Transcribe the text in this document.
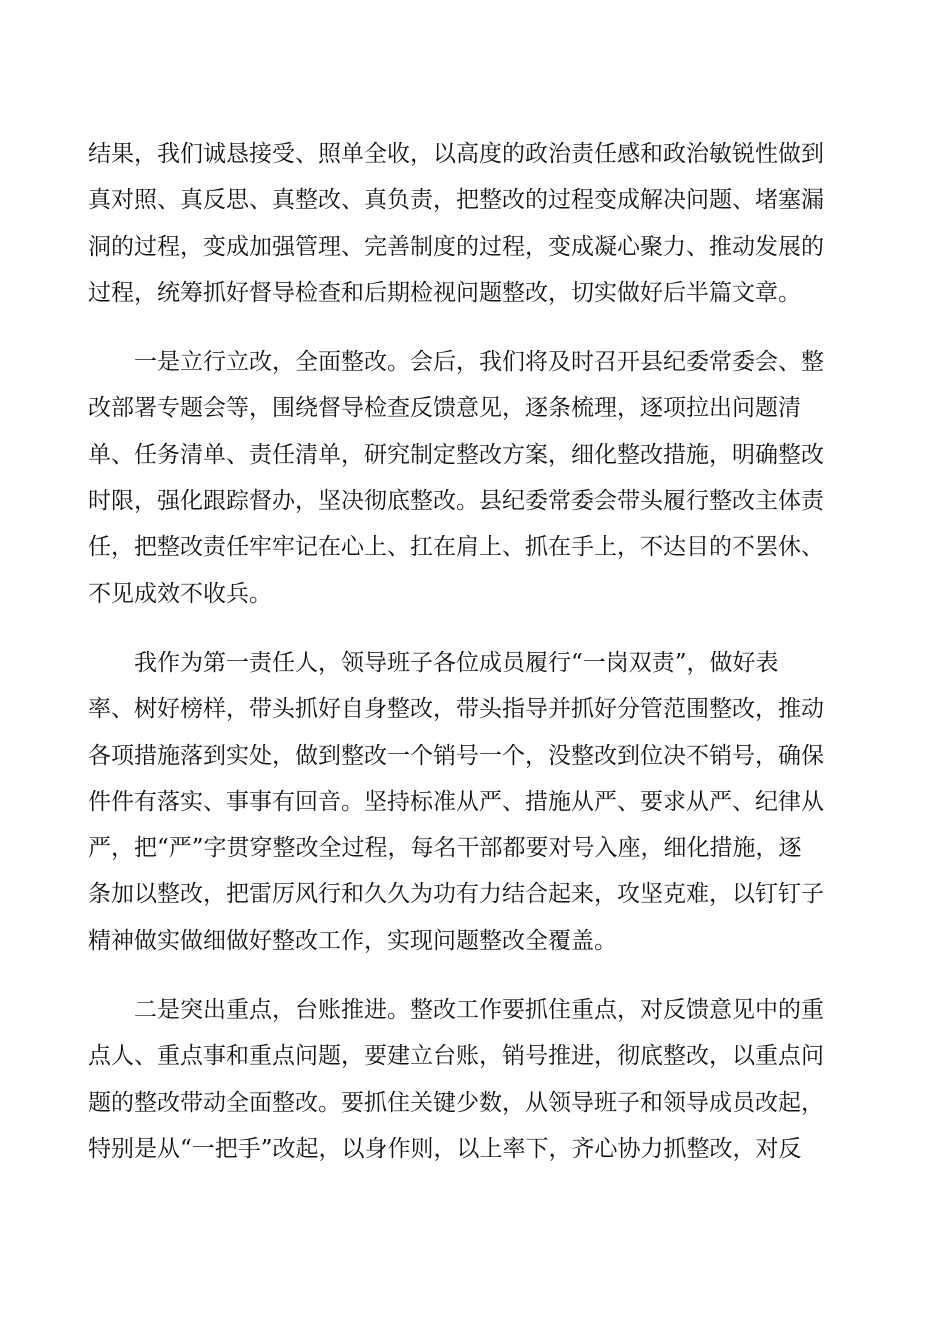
结果，我们诚恳接受、照单全收，以高度的政治责任感和政治敏锐性做到
真对照、真反思、真整改、真负责，把整改的过程变成解决问题、堵塞漏
洞的过程，变成加强管理、完善制度的过程，变成凝心聚力、推动发展的
过程，统筹抓好督导检查和后期检视问题整改，切实做好后半篇文章。
　　一是立行立改，全面整改。会后，我们将及时召开县纪委常委会、整
改部署专题会等，围绕督导检查反馈意见，逐条梳理，逐项拉出问题清
单、任务清单、责任清单，研究制定整改方案，细化整改措施，明确整改
时限，强化跟踪督办，坚决彻底整改。县纪委常委会带头履行整改主体责
任，把整改责任牢牢记在心上、扛在肩上、抓在手上，不达目的不罢休、
不见成效不收兵。
　　我作为第一责任人，领导班子各位成员履行“一岗双责”，做好表
率、树好榜样，带头抓好自身整改，带头指导并抓好分管范围整改，推动
各项措施落到实处，做到整改一个销号一个，没整改到位决不销号，确保
件件有落实、事事有回音。坚持标准从严、措施从严、要求从严、纪律从
严，把“严”字贯穿整改全过程，每名干部都要对号入座，细化措施，逐
条加以整改，把雷厉风行和久久为功有力结合起来，攻坚克难，以钉钉子
精神做实做细做好整改工作，实现问题整改全覆盖。
　　二是突出重点，台账推进。整改工作要抓住重点，对反馈意见中的重
点人、重点事和重点问题，要建立台账，销号推进，彻底整改，以重点问
题的整改带动全面整改。要抓住关键少数，从领导班子和领导成员改起，
特别是从“一把手”改起，以身作则，以上率下，齐心协力抓整改，对反
